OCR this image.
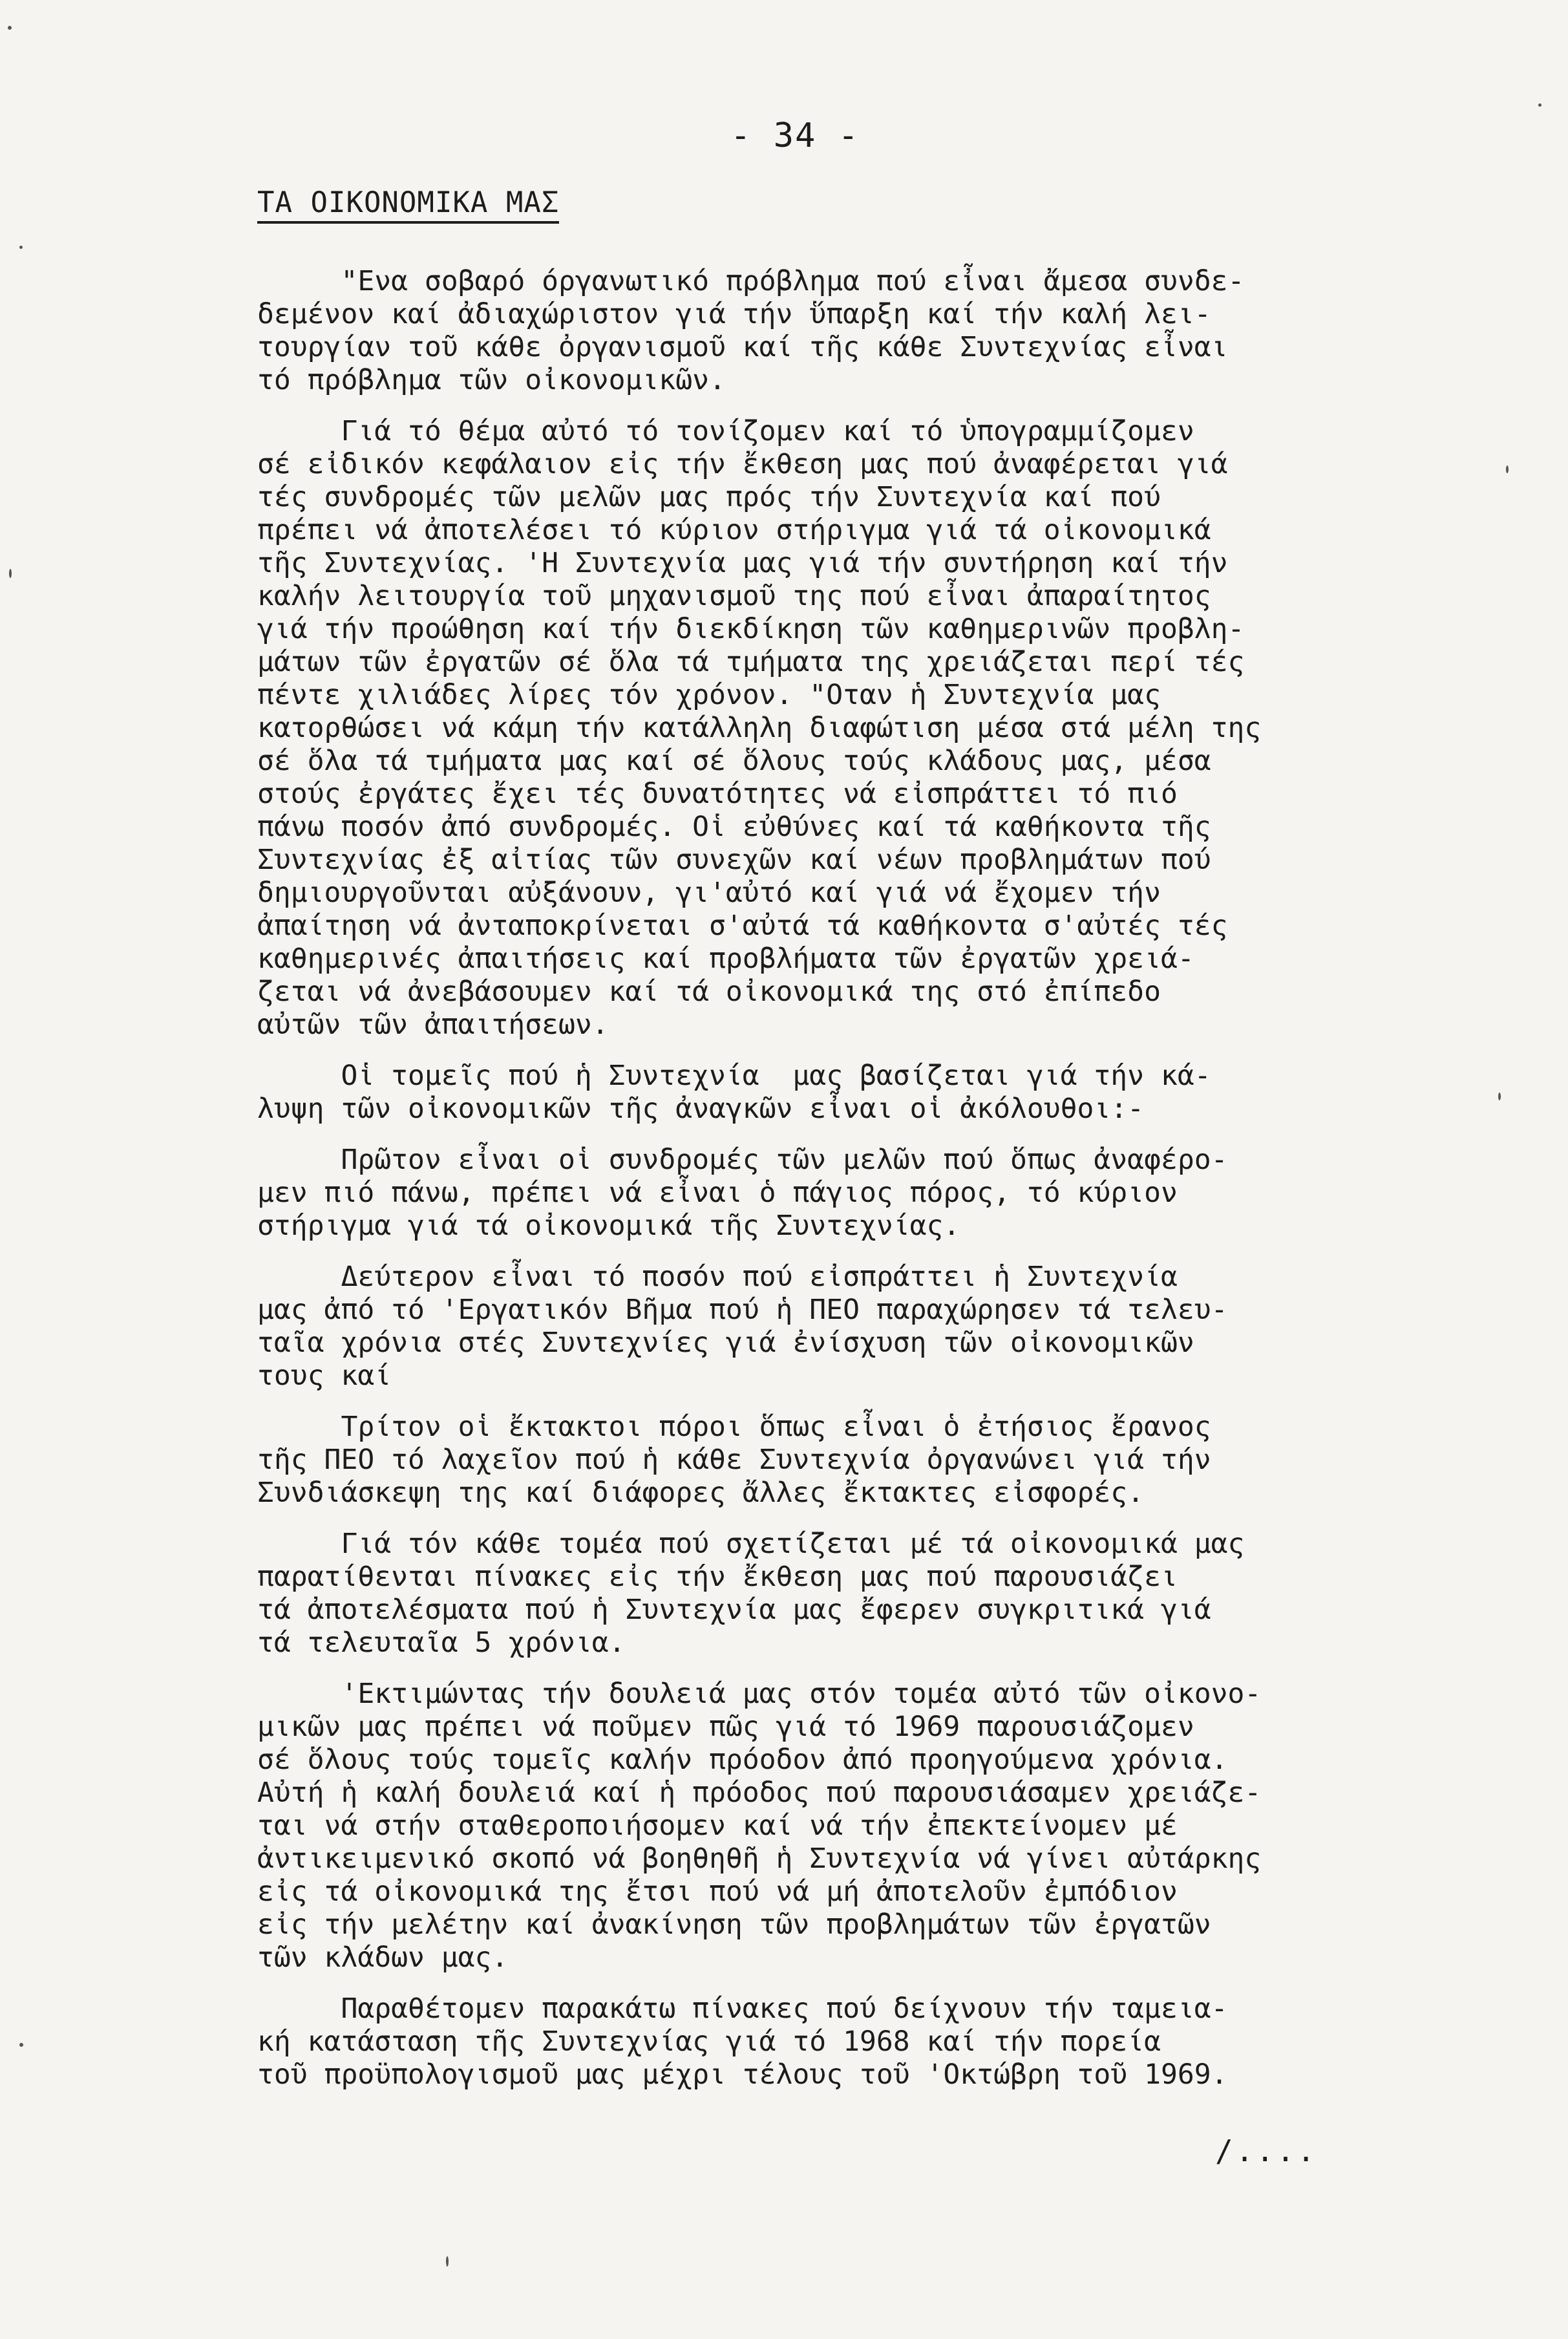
- 34 -
ΤΑ ΟΙΚΟΝΟΜΙΚΑ ΜΑΣ
"Ενα σοβαρό όργανωτικό πρόβλημα πού εἶναι ἄμεσα συνδε-
δεμένον καί ἀδιαχώριστον γιά τήν ὕπαρξη καί τήν καλή λει-
τουργίαν τοῦ κάθε ὀργανισμοῦ καί τῆς κάθε Συντεχνίας εἶναι
τό πρόβλημα τῶν οἰκονομικῶν.
Γιά τό θέμα αὐτό τό τονίζομεν καί τό ὑπογραμμίζομεν
σέ εἰδικόν κεφάλαιον εἰς τήν ἔκθεση μας πού ἀναφέρεται γιά
τές συνδρομές τῶν μελῶν μας πρός τήν Συντεχνία καί πού
πρέπει νά ἀποτελέσει τό κύριον στήριγμα γιά τά οἰκονομικά
τῆς Συντεχνίας. 'Η Συντεχνία μας γιά τήν συντήρηση καί τήν
καλήν λειτουργία τοῦ μηχανισμοῦ της πού εἶναι ἀπαραίτητος
γιά τήν προώθηση καί τήν διεκδίκηση τῶν καθημερινῶν προβλη-
μάτων τῶν ἐργατῶν σέ ὅλα τά τμήματα της χρειάζεται περί τές
πέντε χιλιάδες λίρες τόν χρόνον. "Οταν ἡ Συντεχνία μας
κατορθώσει νά κάμη τήν κατάλληλη διαφώτιση μέσα στά μέλη της
σέ ὅλα τά τμήματα μας καί σέ ὅλους τούς κλάδους μας, μέσα
στούς ἐργάτες ἔχει τές δυνατότητες νά εἰσπράττει τό πιό
πάνω ποσόν ἀπό συνδρομές. Οἱ εὐθύνες καί τά καθήκοντα τῆς
Συντεχνίας ἐξ αἰτίας τῶν συνεχῶν καί νέων προβλημάτων πού
δημιουργοῦνται αὐξάνουν, γι'αὐτό καί γιά νά ἔχομεν τήν
ἀπαίτηση νά ἀνταποκρίνεται σ'αὐτά τά καθήκοντα σ'αὐτές τές
καθημερινές ἀπαιτήσεις καί προβλήματα τῶν ἐργατῶν χρειά-
ζεται νά ἀνεβάσουμεν καί τά οἰκονομικά της στό ἐπίπεδο
αὐτῶν τῶν ἀπαιτήσεων.
Οἱ τομεῖς πού ἡ Συντεχνία  μας βασίζεται γιά τήν κά-
λυψη τῶν οἰκονομικῶν τῆς ἀναγκῶν εἶναι οἱ ἀκόλουθοι:-
Πρῶτον εἶναι οἱ συνδρομές τῶν μελῶν πού ὅπως ἀναφέρο-
μεν πιό πάνω, πρέπει νά εἶναι ὁ πάγιος πόρος, τό κύριον
στήριγμα γιά τά οἰκονομικά τῆς Συντεχνίας.
Δεύτερον εἶναι τό ποσόν πού εἰσπράττει ἡ Συντεχνία
μας ἀπό τό 'Εργατικόν Βῆμα πού ἡ ΠΕΟ παραχώρησεν τά τελευ-
ταῖα χρόνια στές Συντεχνίες γιά ἐνίσχυση τῶν οἰκονομικῶν
τους καί
Τρίτον οἱ ἔκτακτοι πόροι ὅπως εἶναι ὁ ἐτήσιος ἔρανος
τῆς ΠΕΟ τό λαχεῖον πού ἡ κάθε Συντεχνία ὀργανώνει γιά τήν
Συνδιάσκεψη της καί διάφορες ἄλλες ἔκτακτες εἰσφορές.
Γιά τόν κάθε τομέα πού σχετίζεται μέ τά οἰκονομικά μας
παρατίθενται πίνακες εἰς τήν ἔκθεση μας πού παρουσιάζει
τά ἀποτελέσματα πού ἡ Συντεχνία μας ἔφερεν συγκριτικά γιά
τά τελευταῖα 5 χρόνια.
'Εκτιμώντας τήν δουλειά μας στόν τομέα αὐτό τῶν οἰκονο-
μικῶν μας πρέπει νά ποῦμεν πῶς γιά τό 1969 παρουσιάζομεν
σέ ὅλους τούς τομεῖς καλήν πρόοδον ἀπό προηγούμενα χρόνια.
Αὐτή ἡ καλή δουλειά καί ἡ πρόοδος πού παρουσιάσαμεν χρειάζε-
ται νά στήν σταθεροποιήσομεν καί νά τήν ἐπεκτείνομεν μέ
ἀντικειμενικό σκοπό νά βοηθηθῆ ἡ Συντεχνία νά γίνει αὐτάρκης
εἰς τά οἰκονομικά της ἔτσι πού νά μή ἀποτελοῦν ἐμπόδιον
εἰς τήν μελέτην καί ἀνακίνηση τῶν προβλημάτων τῶν ἐργατῶν
τῶν κλάδων μας.
Παραθέτομεν παρακάτω πίνακες πού δείχνουν τήν ταμεια-
κή κατάσταση τῆς Συντεχνίας γιά τό 1968 καί τήν πορεία
τοῦ προϋπολογισμοῦ μας μέχρι τέλους τοῦ 'Οκτώβρη τοῦ 1969.
/....
